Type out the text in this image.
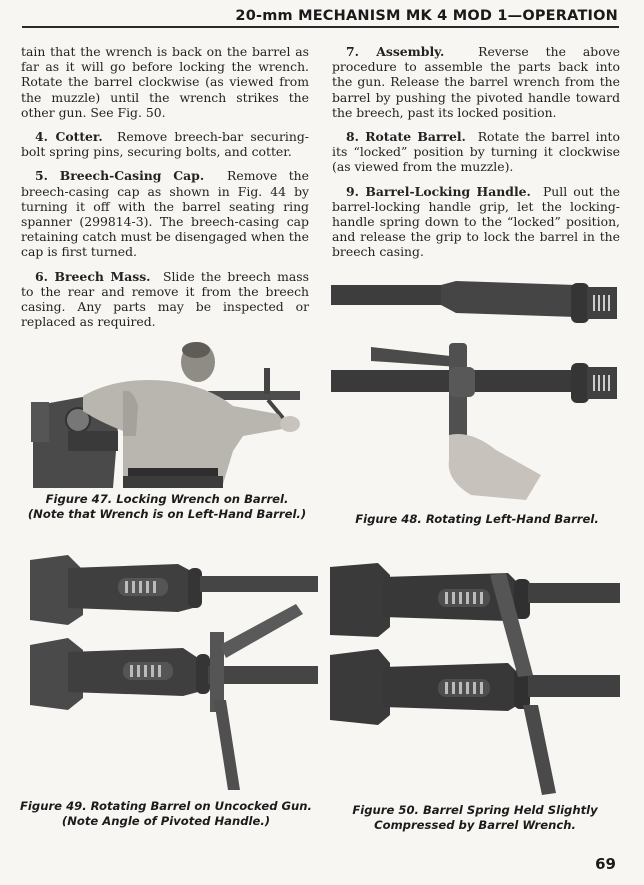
20-mm MECHANISM MK 4 MOD 1—OPERATION

tain that the wrench is back on the barrel as far as it will go before locking the wrench. Rotate the barrel clockwise (as viewed from the muzzle) until the wrench strikes the other gun. See Fig. 50.

4. Cotter. Remove breech-bar securing-bolt spring pins, securing bolts, and cotter.

5. Breech-Casing Cap. Remove the breech-casing cap as shown in Fig. 44 by turning it off with the barrel seating ring spanner (299814-3). The breech-casing cap retaining catch must be disengaged when the cap is first turned.

6. Breech Mass. Slide the breech mass to the rear and remove it from the breech casing. Any parts may be inspected or replaced as required.

7. Assembly.	Reverse the above procedure to assemble the parts back into the gun. Release the barrel wrench from the barrel by pushing the pivoted handle toward the breech, past its locked position.

8. Rotate Barrel. Rotate the barrel into its “locked” position by turning it clockwise (as viewed from the muzzle).

9. Barrel-Locking Handle. Pull out the barrel-locking handle grip, let the locking-handle spring down to the “locked” position, and release the grip to lock the barrel in the breech casing.

Figure 47. Locking Wrench on Barrel.
(Note that Wrench is on Left-Hand Barrel.)	Figure 48. Rotating Left-Hand Barrel.
Figure 49. Rotating Barrel on Uncocked Gun.
(Note Angle of Pivoted Handle.)
Figure 50. Barrel Spring Held Slightly
Compressed by Barrel Wrench.
69
